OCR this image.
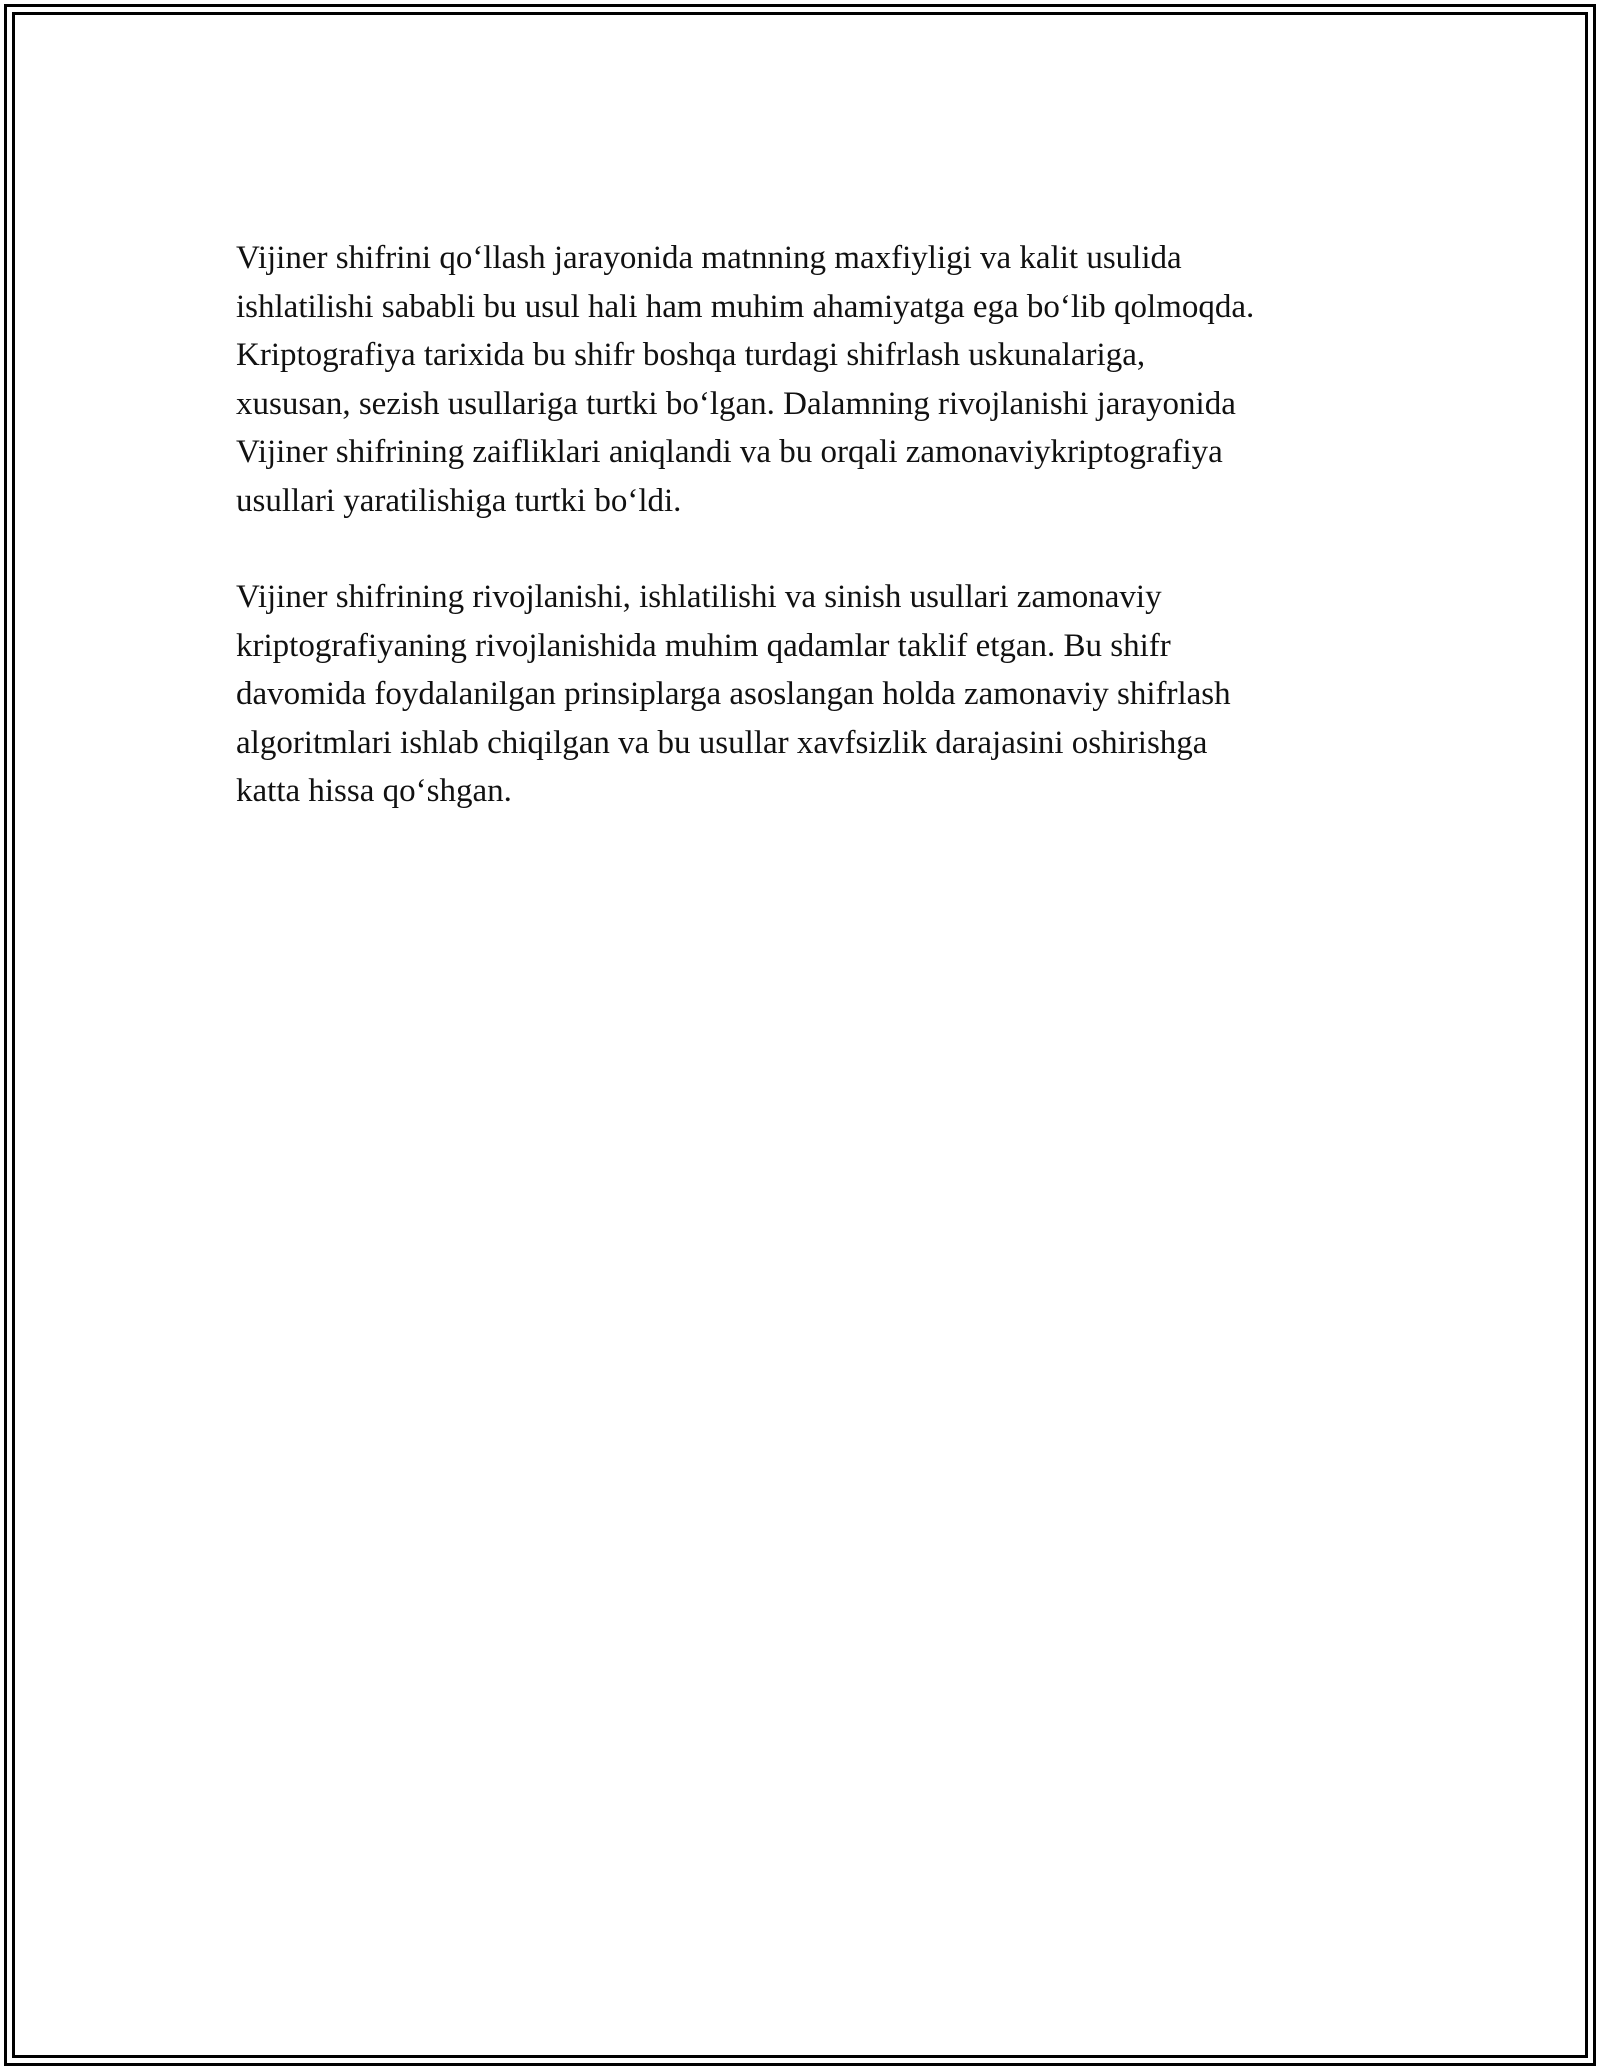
Vijiner shifrini qo‘llash jarayonida matnning maxfiyligi va kalit usulida
ishlatilishi sababli bu usul hali ham muhim ahamiyatga ega bo‘lib qolmoqda.
Kriptografiya tarixida bu shifr boshqa turdagi shifrlash uskunalariga,
xususan, sezish usullariga turtki bo‘lgan. Dalamning rivojlanishi jarayonida
Vijiner shifrining zaifliklari aniqlandi va bu orqali zamonaviykriptografiya
usullari yaratilishiga turtki bo‘ldi.

Vijiner shifrining rivojlanishi, ishlatilishi va sinish usullari zamonaviy
kriptografiyaning rivojlanishida muhim qadamlar taklif etgan. Bu shifr
davomida foydalanilgan prinsiplarga asoslangan holda zamonaviy shifrlash
algoritmlari ishlab chiqilgan va bu usullar xavfsizlik darajasini oshirishga
katta hissa qo‘shgan.
